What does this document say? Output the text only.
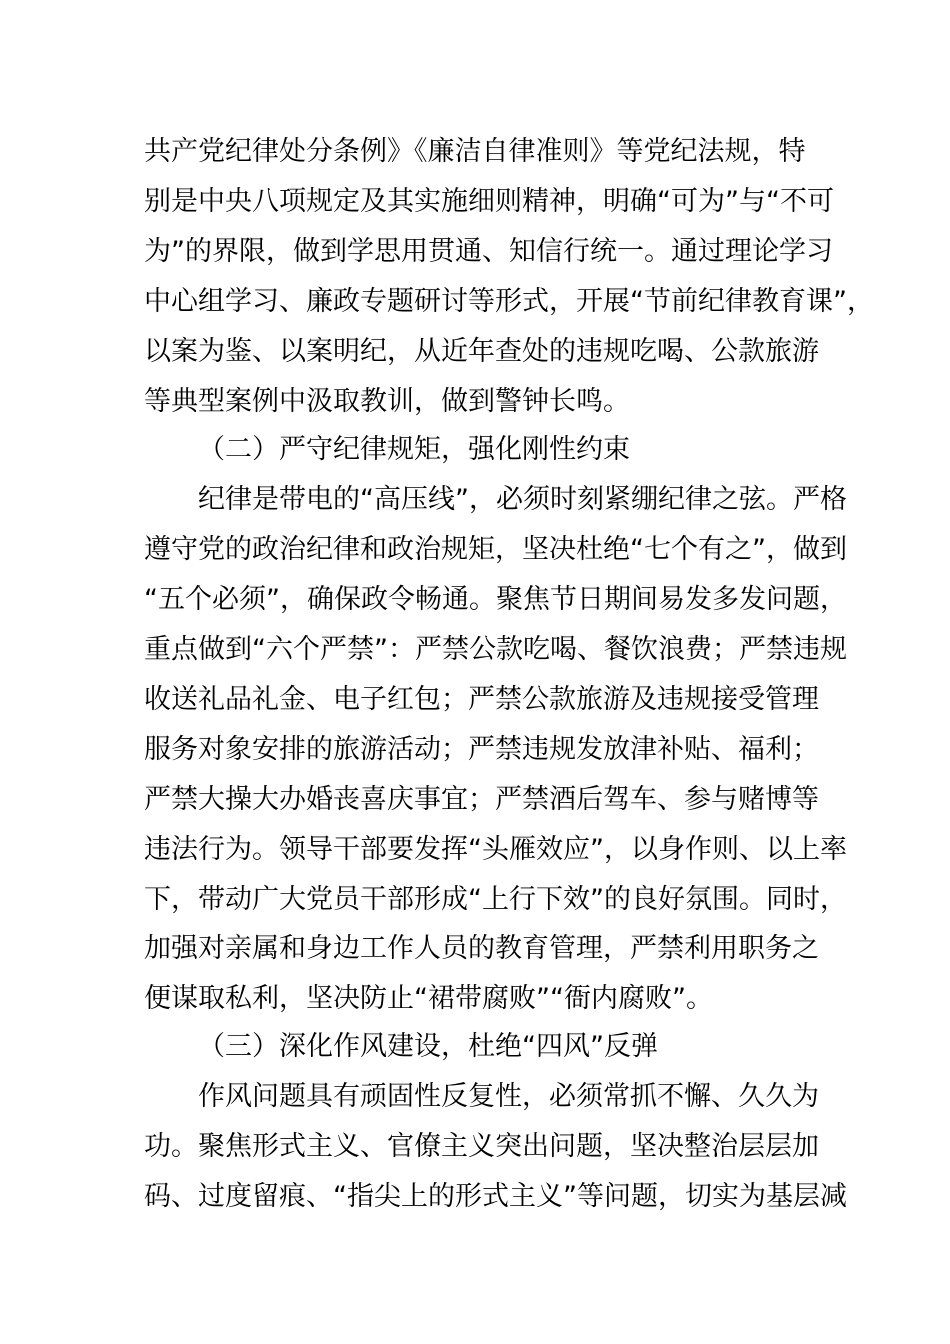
共产党纪律处分条例》《廉洁自律准则》等党纪法规，特
别是中央八项规定及其实施细则精神，明确“可为”与“不可
为”的界限，做到学思用贯通、知信行统一。通过理论学习
中心组学习、廉政专题研讨等形式，开展“节前纪律教育课”，
以案为鉴、以案明纪，从近年查处的违规吃喝、公款旅游
等典型案例中汲取教训，做到警钟长鸣。
（二）严守纪律规矩，强化刚性约束
纪律是带电的“高压线”，必须时刻紧绷纪律之弦。严格
遵守党的政治纪律和政治规矩，坚决杜绝“七个有之”，做到
“五个必须”，确保政令畅通。聚焦节日期间易发多发问题，
重点做到“六个严禁”：严禁公款吃喝、餐饮浪费；严禁违规
收送礼品礼金、电子红包；严禁公款旅游及违规接受管理
服务对象安排的旅游活动；严禁违规发放津补贴、福利；
严禁大操大办婚丧喜庆事宜；严禁酒后驾车、参与赌博等
违法行为。领导干部要发挥“头雁效应”，以身作则、以上率
下，带动广大党员干部形成“上行下效”的良好氛围。同时，
加强对亲属和身边工作人员的教育管理，严禁利用职务之
便谋取私利，坚决防止“裙带腐败”“衙内腐败”。
（三）深化作风建设，杜绝“四风”反弹
作风问题具有顽固性反复性，必须常抓不懈、久久为
功。聚焦形式主义、官僚主义突出问题，坚决整治层层加
码、过度留痕、“指尖上的形式主义”等问题，切实为基层减
